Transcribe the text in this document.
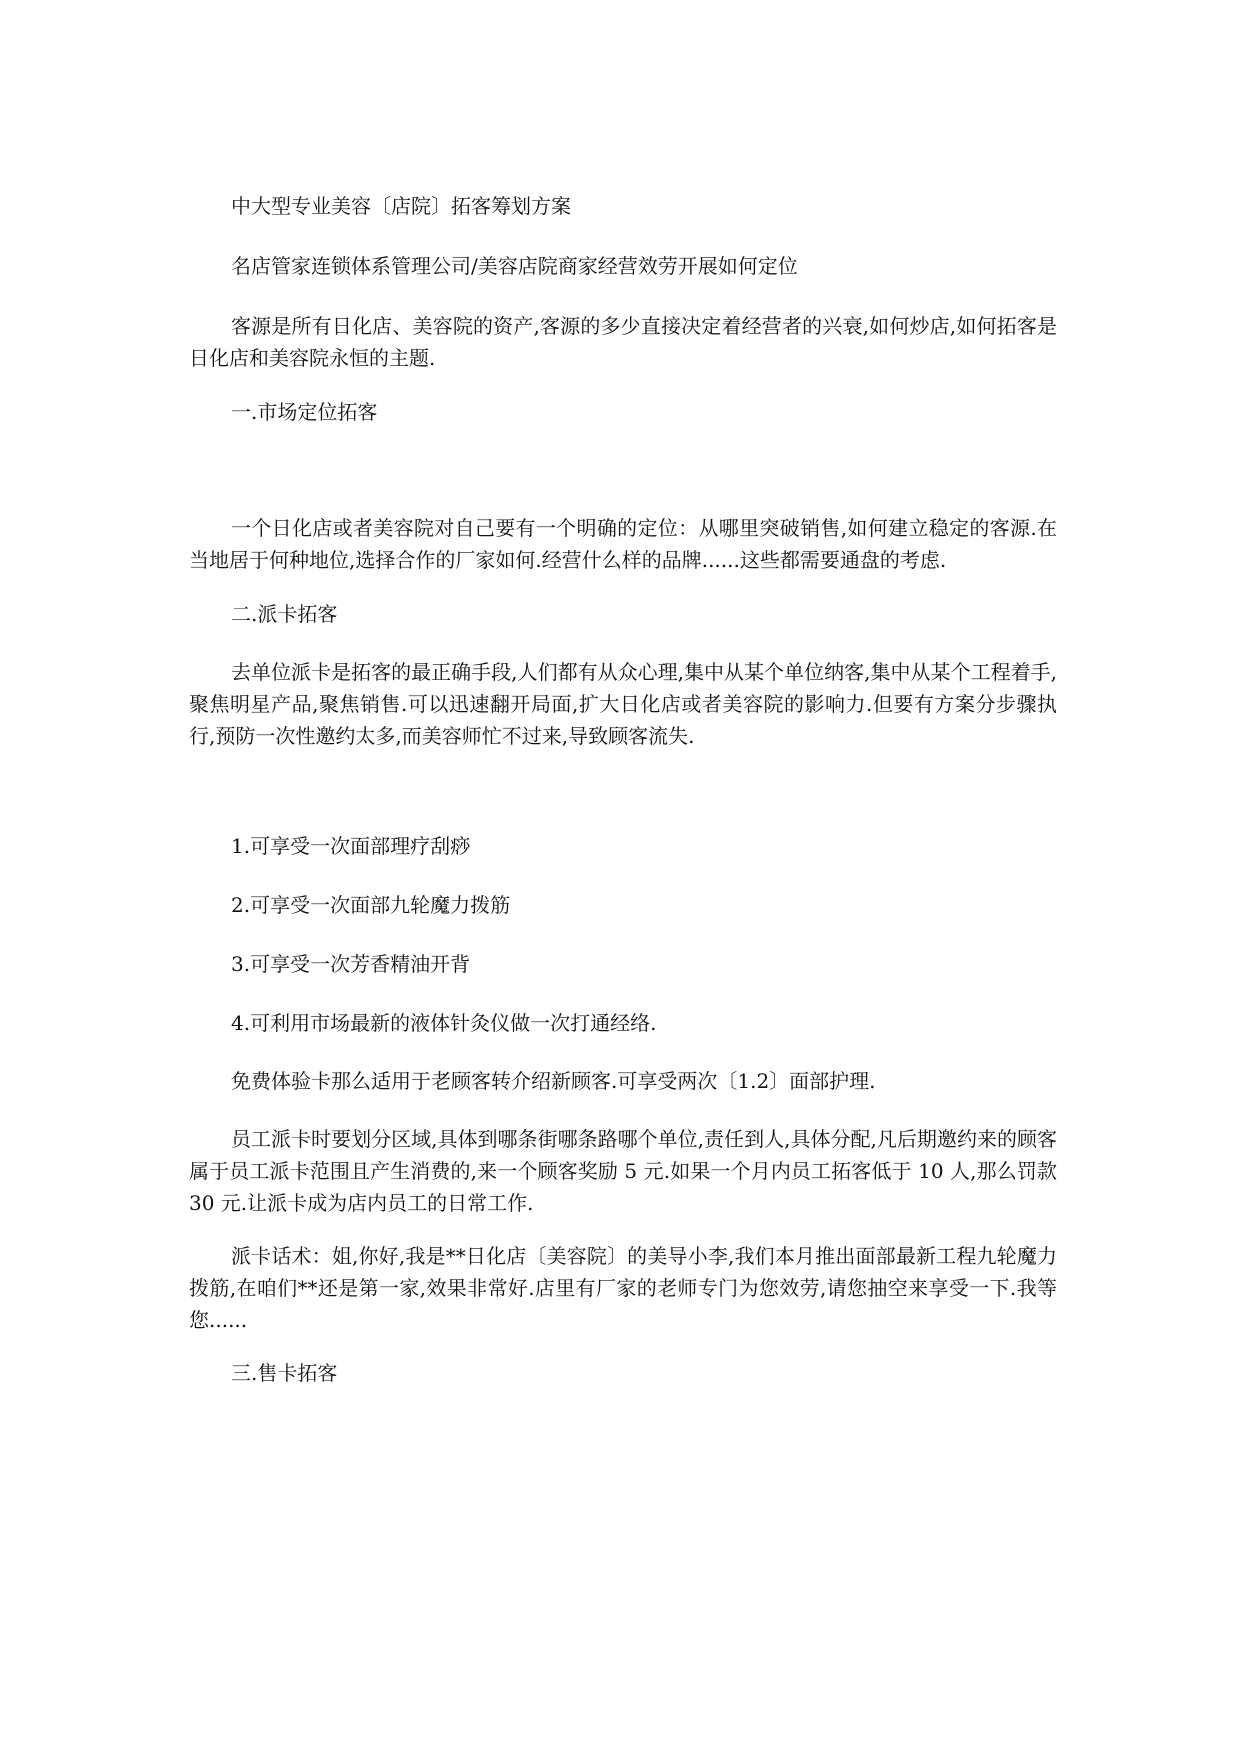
中大型专业美容〔店院〕拓客筹划方案

名店管家连锁体系管理公司/美容店院商家经营效劳开展如何定位

客源是所有日化店、美容院的资产,客源的多少直接决定着经营者的兴衰,如何炒店,如何拓客是日化店和美容院永恒的主题.

一.市场定位拓客

一个日化店或者美容院对自己要有一个明确的定位：从哪里突破销售,如何建立稳定的客源.在当地居于何种地位,选择合作的厂家如何.经营什么样的品牌......这些都需要通盘的考虑.

二.派卡拓客

去单位派卡是拓客的最正确手段,人们都有从众心理,集中从某个单位纳客,集中从某个工程着手,聚焦明星产品,聚焦销售.可以迅速翻开局面,扩大日化店或者美容院的影响力.但要有方案分步骤执行,预防一次性邀约太多,而美容师忙不过来,导致顾客流失.

1.可享受一次面部理疗刮痧

2.可享受一次面部九轮魔力拨筋

3.可享受一次芳香精油开背

4.可利用市场最新的液体针灸仪做一次打通经络.

免费体验卡那么适用于老顾客转介绍新顾客.可享受两次〔1.2〕面部护理.

员工派卡时要划分区域,具体到哪条街哪条路哪个单位,责任到人,具体分配,凡后期邀约来的顾客属于员工派卡范围且产生消费的,来一个顾客奖励 5 元.如果一个月内员工拓客低于 10 人,那么罚款 30 元.让派卡成为店内员工的日常工作.

派卡话术：姐,你好,我是**日化店〔美容院〕的美导小李,我们本月推出面部最新工程九轮魔力拨筋,在咱们**还是第一家,效果非常好.店里有厂家的老师专门为您效劳,请您抽空来享受一下.我等您......

三.售卡拓客
